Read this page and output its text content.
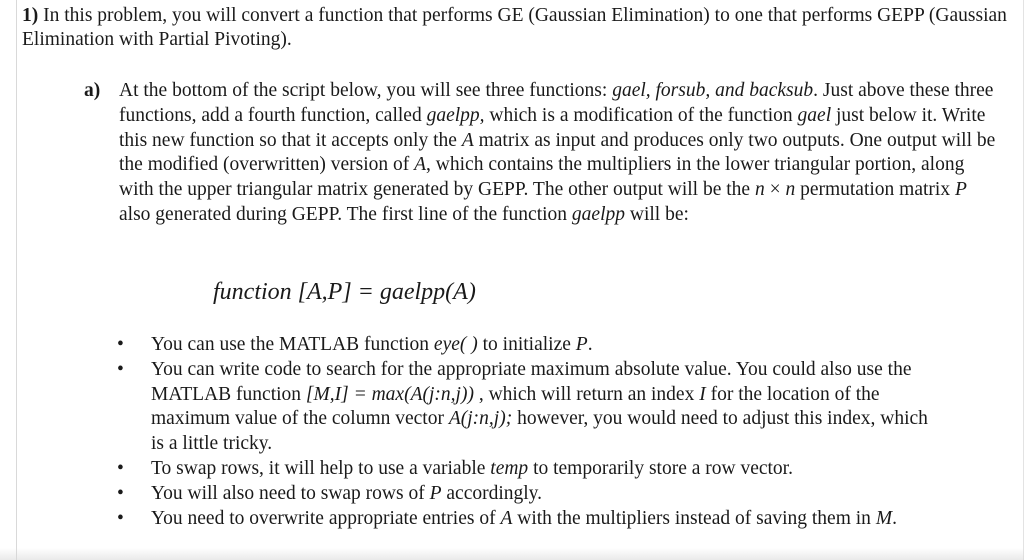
1) In this problem, you will convert a function that performs GE (Gaussian Elimination) to one that performs GEPP (Gaussian Elimination with Partial Pivoting).

a) At the bottom of the script below, you will see three functions: gael, forsub, and backsub. Just above these three functions, add a fourth function, called gaelpp, which is a modification of the function gael just below it. Write this new function so that it accepts only the A matrix as input and produces only two outputs. One output will be the modified (overwritten) version of A, which contains the multipliers in the lower triangular portion, along with the upper triangular matrix generated by GEPP. The other output will be the n × n permutation matrix P also generated during GEPP. The first line of the function gaelpp will be:

function [A,P] = gaelpp(A)
• You can use the MATLAB function eye( ) to initialize P.
• You can write code to search for the appropriate maximum absolute value. You could also use the MATLAB function [M,I] = max(A(j:n,j)) , which will return an index I for the location of the maximum value of the column vector A(j:n,j); however, you would need to adjust this index, which is a little tricky.
• To swap rows, it will help to use a variable temp to temporarily store a row vector.
• You will also need to swap rows of P accordingly.
• You need to overwrite appropriate entries of A with the multipliers instead of saving them in M.
